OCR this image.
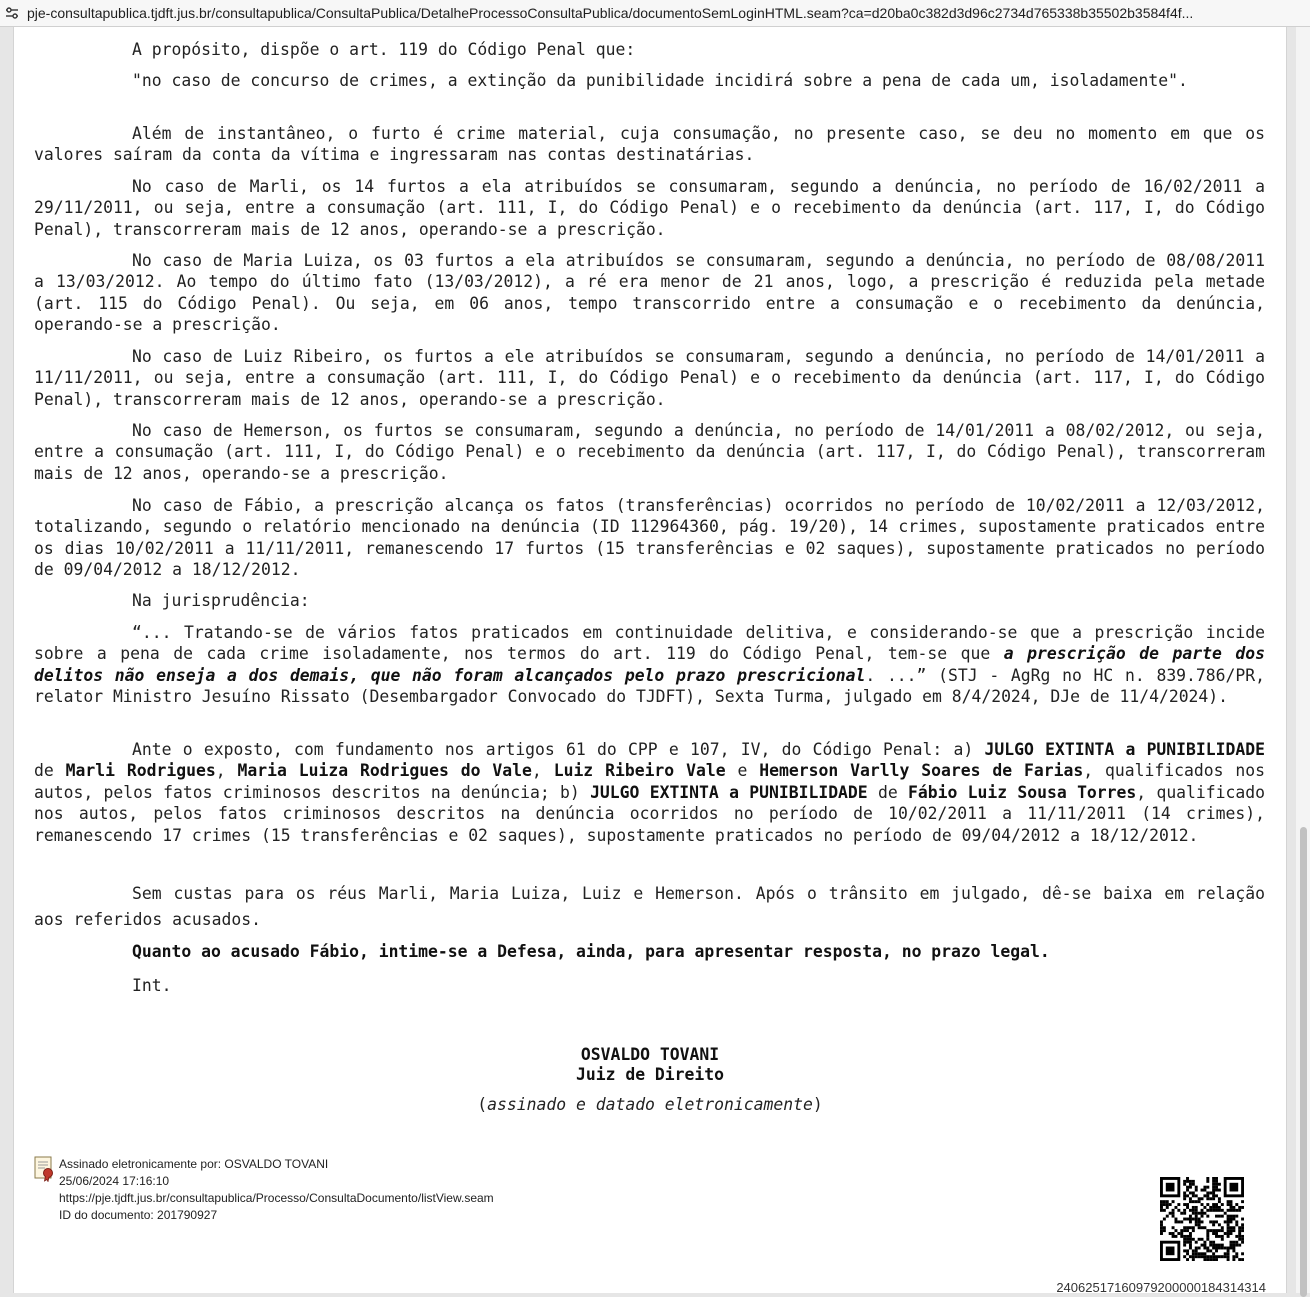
pje-consultapublica.tjdft.jus.br/consultapublica/ConsultaPublica/DetalheProcessoConsultaPublica/documentoSemLoginHTML.seam?ca=d20ba0c382d3d96c2734d765338b35502b3584f4f...

A propósito, dispõe o art. 119 do Código Penal que:

"no caso de concurso de crimes, a extinção da punibilidade incidirá sobre a pena de cada um, isoladamente".

Além de instantâneo, o furto é crime material, cuja consumação, no presente caso, se deu no momento em que os valores saíram da conta da vítima e ingressaram nas contas destinatárias.

No caso de Marli, os 14 furtos a ela atribuídos se consumaram, segundo a denúncia, no período de 16/02/2011 a 29/11/2011, ou seja, entre a consumação (art. 111, I, do Código Penal) e o recebimento da denúncia (art. 117, I, do Código Penal), transcorreram mais de 12 anos, operando-se a prescrição.

No caso de Maria Luiza, os 03 furtos a ela atribuídos se consumaram, segundo a denúncia, no período de 08/08/2011 a 13/03/2012. Ao tempo do último fato (13/03/2012), a ré era menor de 21 anos, logo, a prescrição é reduzida pela metade (art. 115 do Código Penal). Ou seja, em 06 anos, tempo transcorrido entre a consumação e o recebimento da denúncia, operando-se a prescrição.

No caso de Luiz Ribeiro, os furtos a ele atribuídos se consumaram, segundo a denúncia, no período de 14/01/2011 a 11/11/2011, ou seja, entre a consumação (art. 111, I, do Código Penal) e o recebimento da denúncia (art. 117, I, do Código Penal), transcorreram mais de 12 anos, operando-se a prescrição.

No caso de Hemerson, os furtos se consumaram, segundo a denúncia, no período de 14/01/2011 a 08/02/2012, ou seja, entre a consumação (art. 111, I, do Código Penal) e o recebimento da denúncia (art. 117, I, do Código Penal), transcorreram mais de 12 anos, operando-se a prescrição.

No caso de Fábio, a prescrição alcança os fatos (transferências) ocorridos no período de 10/02/2011 a 12/03/2012, totalizando, segundo o relatório mencionado na denúncia (ID 112964360, pág. 19/20), 14 crimes, supostamente praticados entre os dias 10/02/2011 a 11/11/2011, remanescendo 17 furtos (15 transferências e 02 saques), supostamente praticados no período de 09/04/2012 a 18/12/2012.

Na jurisprudência:

“... Tratando-se de vários fatos praticados em continuidade delitiva, e considerando-se que a prescrição incide sobre a pena de cada crime isoladamente, nos termos do art. 119 do Código Penal, tem-se que a prescrição de parte dos delitos não enseja a dos demais, que não foram alcançados pelo prazo prescricional. ...” (STJ - AgRg no HC n. 839.786/PR, relator Ministro Jesuíno Rissato (Desembargador Convocado do TJDFT), Sexta Turma, julgado em 8/4/2024, DJe de 11/4/2024).

Ante o exposto, com fundamento nos artigos 61 do CPP e 107, IV, do Código Penal: a) JULGO EXTINTA a PUNIBILIDADE de Marli Rodrigues, Maria Luiza Rodrigues do Vale, Luiz Ribeiro Vale e Hemerson Varlly Soares de Farias, qualificados nos autos, pelos fatos criminosos descritos na denúncia; b) JULGO EXTINTA a PUNIBILIDADE de Fábio Luiz Sousa Torres, qualificado nos autos, pelos fatos criminosos descritos na denúncia ocorridos no período de 10/02/2011 a 11/11/2011 (14 crimes), remanescendo 17 crimes (15 transferências e 02 saques), supostamente praticados no período de 09/04/2012 a 18/12/2012.

Sem custas para os réus Marli, Maria Luiza, Luiz e Hemerson. Após o trânsito em julgado, dê-se baixa em relação aos referidos acusados.

Quanto ao acusado Fábio, intime-se a Defesa, ainda, para apresentar resposta, no prazo legal.

Int.

OSVALDO TOVANI

Juiz de Direito

(assinado e datado eletronicamente)

Assinado eletronicamente por: OSVALDO TOVANI
25/06/2024 17:16:10
https://pje.tjdft.jus.br/consultapublica/Processo/ConsultaDocumento/listView.seam
ID do documento: 201790927
24062517160979200000184314314
